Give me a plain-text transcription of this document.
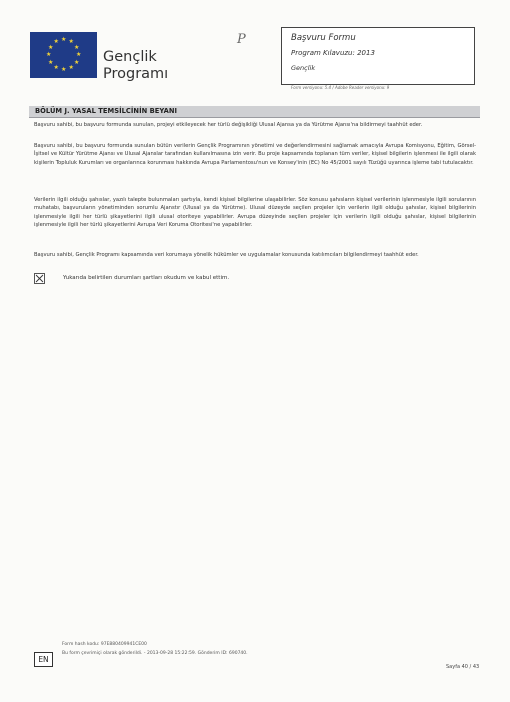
★ ★
★
★
★
★
★
★
★
★
★
★
Gençlik
Programı
P	Başvuru Formu
Program Kılavuzu: 2013
Gençlik
Form versiyonu: 5.4 / Adobe Reader versiyonu: 9
BÖLÜM J. YASAL TEMSİLCİNİN BEYANI
Başvuru sahibi, bu başvuru formunda sunulan, projeyi etkileyecek her türlü değişikliği Ulusal Ajansa ya da Yürütme Ajansı'na bildirmeyi taahhüt eder.
Başvuru sahibi, bu başvuru formunda sunulan bütün verilerin Gençlik Programının yönetimi ve değerlendirmesini sağlamak amacıyla Avrupa Komisyonu, Eğitim, Görsel-İşitsel ve Kültür Yürütme Ajansı ve Ulusal Ajanslar tarafından kullanılmasına izin verir. Bu proje kapsamında toplanan tüm veriler, kişisel bilgilerin işlenmesi ile ilgili olarak kişilerin Topluluk Kurumları ve organlarınca korunması hakkında Avrupa Parlamentosu'nun ve Konsey'inin (EC) No 45/2001 sayılı Tüzüğü uyarınca işleme tabi tutulacaktır.
Verilerin ilgili olduğu şahıslar, yazılı talepte bulunmaları şartıyla, kendi kişisel bilgilerine ulaşabilirler. Söz konusu şahısların kişisel verilerinin işlenmesiyle ilgili sorularının muhatabı, başvuruların yönetiminden sorumlu Ajanstır (Ulusal ya da Yürütme). Ulusal düzeyde seçilen projeler için verilerin ilgili olduğu şahıslar, kişisel bilgilerinin işlenmesiyle ilgili her türlü şikayetlerini ilgili ulusal otoriteye yapabilirler. Avrupa düzeyinde seçilen projeler için verilerin ilgili olduğu şahıslar, kişisel bilgilerinin işlenmesiyle ilgili her türlü şikayetlerini Avrupa Veri Koruma Otoritesi'ne yapabilirler.
Başvuru sahibi, Gençlik Programı kapsamında veri korumaya yönelik hükümler ve uygulamalar konusunda katılımcıları bilgilendirmeyi taahhüt eder.
Yukarıda belirtilen durumları şartları okudum ve kabul ettim.
Form hash kodu: 97E880409941CE00
Bu form çevrimiçi olarak gönderildi. - 2013-09-28 15:22:59. Gönderim ID: 690740.
EN
Sayfa 40 / 43
